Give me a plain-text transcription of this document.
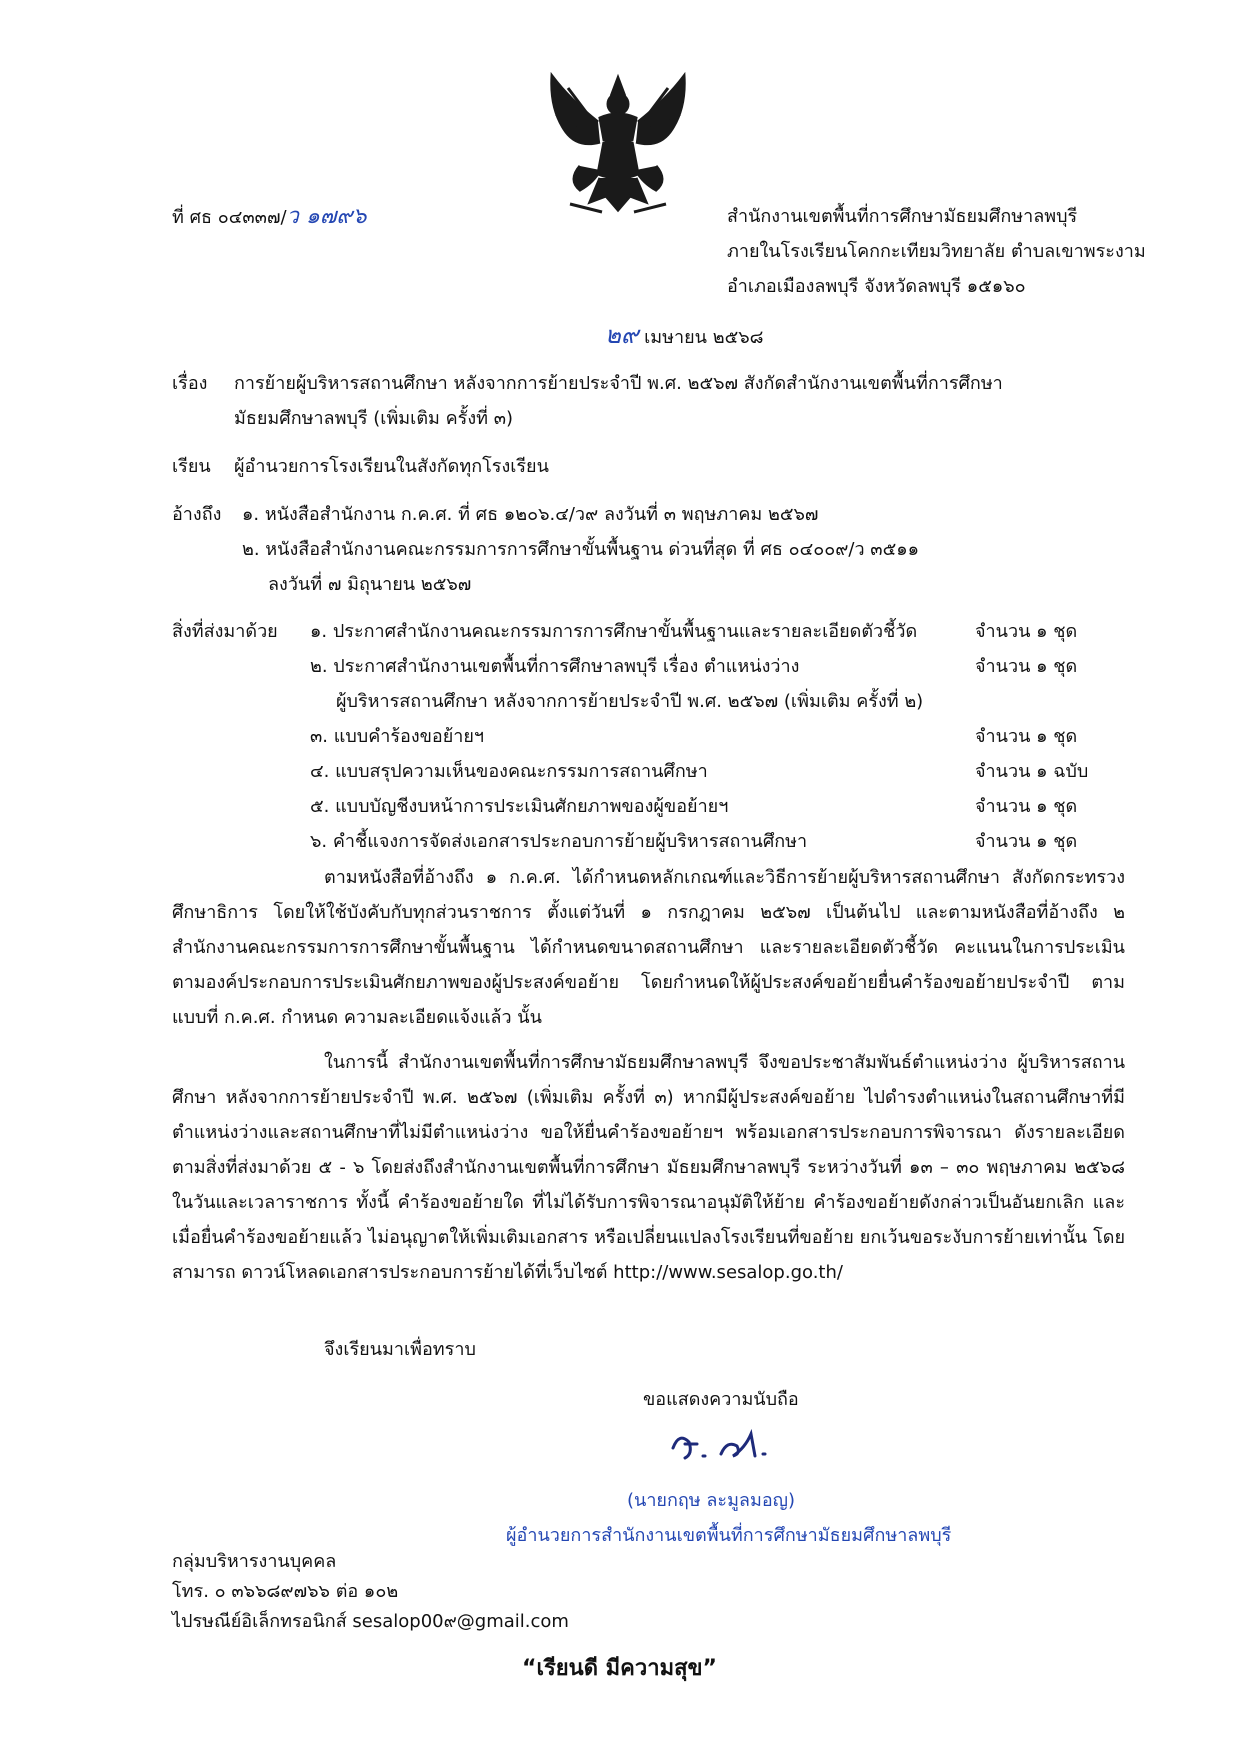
ที่ ศธ ๐๔๓๓๗/ว ๑๗๙๖	สำนักงานเขตพื้นที่การศึกษามัธยมศึกษาลพบุรี
ภายในโรงเรียนโคกกะเทียมวิทยาลัย ตำบลเขาพระงาม
อำเภอเมืองลพบุรี จังหวัดลพบุรี ๑๕๑๖๐
๒๙ เมษายน ๒๕๖๘
เรื่อง การย้ายผู้บริหารสถานศึกษา หลังจากการย้ายประจำปี พ.ศ. ๒๕๖๗ สังกัดสำนักงานเขตพื้นที่การศึกษา
มัธยมศึกษาลพบุรี (เพิ่มเติม ครั้งที่ ๓)
เรียน ผู้อำนวยการโรงเรียนในสังกัดทุกโรงเรียน
อ้างถึง ๑. หนังสือสำนักงาน ก.ค.ศ. ที่ ศธ ๑๒๐๖.๔/ว๙ ลงวันที่ ๓ พฤษภาคม ๒๕๖๗
๒. หนังสือสำนักงานคณะกรรมการการศึกษาขั้นพื้นฐาน ด่วนที่สุด ที่ ศธ ๐๔๐๐๙/ว ๓๕๑๑
ลงวันที่ ๗ มิถุนายน ๒๕๖๗
สิ่งที่ส่งมาด้วย ๑. ประกาศสำนักงานคณะกรรมการการศึกษาขั้นพื้นฐานและรายละเอียดตัวชี้วัด	จำนวน ๑ ชุด
๒. ประกาศสำนักงานเขตพื้นที่การศึกษาลพบุรี เรื่อง ตำแหน่งว่าง	จำนวน ๑ ชุด
ผู้บริหารสถานศึกษา หลังจากการย้ายประจำปี พ.ศ. ๒๕๖๗ (เพิ่มเติม ครั้งที่ ๒)
๓. แบบคำร้องขอย้ายฯ	จำนวน ๑ ชุด
๔. แบบสรุปความเห็นของคณะกรรมการสถานศึกษา	จำนวน ๑ ฉบับ
๕. แบบบัญชีงบหน้าการประเมินศักยภาพของผู้ขอย้ายฯ	จำนวน ๑ ชุด
๖. คำชี้แจงการจัดส่งเอกสารประกอบการย้ายผู้บริหารสถานศึกษา	จำนวน ๑ ชุด
ตามหนังสือที่อ้างถึง ๑ ก.ค.ศ. ได้กำหนดหลักเกณฑ์และวิธีการย้ายผู้บริหารสถานศึกษา สังกัดกระทรวงศึกษาธิการ โดยให้ใช้บังคับกับทุกส่วนราชการ ตั้งแต่วันที่ ๑ กรกฎาคม ๒๕๖๗ เป็นต้นไป และตามหนังสือที่อ้างถึง ๒ สำนักงานคณะกรรมการการศึกษาขั้นพื้นฐาน ได้กำหนดขนาดสถานศึกษา และรายละเอียดตัวชี้วัด คะแนนในการประเมินตามองค์ประกอบการประเมินศักยภาพของผู้ประสงค์ขอย้าย โดยกำหนดให้ผู้ประสงค์ขอย้ายยื่นคำร้องขอย้ายประจำปี ตามแบบที่ ก.ค.ศ. กำหนด ความละเอียดแจ้งแล้ว นั้น
ในการนี้ สำนักงานเขตพื้นที่การศึกษามัธยมศึกษาลพบุรี จึงขอประชาสัมพันธ์ตำแหน่งว่าง ผู้บริหารสถานศึกษา หลังจากการย้ายประจำปี พ.ศ. ๒๕๖๗ (เพิ่มเติม ครั้งที่ ๓) หากมีผู้ประสงค์ขอย้าย ไปดำรงตำแหน่งในสถานศึกษาที่มีตำแหน่งว่างและสถานศึกษาที่ไม่มีตำแหน่งว่าง ขอให้ยื่นคำร้องขอย้ายฯ พร้อมเอกสารประกอบการพิจารณา ดังรายละเอียดตามสิ่งที่ส่งมาด้วย ๕ - ๖ โดยส่งถึงสำนักงานเขตพื้นที่การศึกษา มัธยมศึกษาลพบุรี ระหว่างวันที่ ๑๓ – ๓๐ พฤษภาคม ๒๕๖๘ ในวันและเวลาราชการ ทั้งนี้ คำร้องขอย้ายใด ที่ไม่ได้รับการพิจารณาอนุมัติให้ย้าย คำร้องขอย้ายดังกล่าวเป็นอันยกเลิก และเมื่อยื่นคำร้องขอย้ายแล้ว ไม่อนุญาตให้เพิ่มเติมเอกสาร หรือเปลี่ยนแปลงโรงเรียนที่ขอย้าย ยกเว้นขอระงับการย้ายเท่านั้น โดยสามารถ ดาวน์โหลดเอกสารประกอบการย้ายได้ที่เว็บไซต์ http://www.sesalop.go.th/
จึงเรียนมาเพื่อทราบ
ขอแสดงความนับถือ
(นายกฤษ ละมูลมอญ)
ผู้อำนวยการสำนักงานเขตพื้นที่การศึกษามัธยมศึกษาลพบุรี
กลุ่มบริหารงานบุคคล
โทร. ๐ ๓๖๖๘๙๗๖๖ ต่อ ๑๐๒
ไปรษณีย์อิเล็กทรอนิกส์ sesalop00๙@gmail.com
“เรียนดี มีความสุข”
